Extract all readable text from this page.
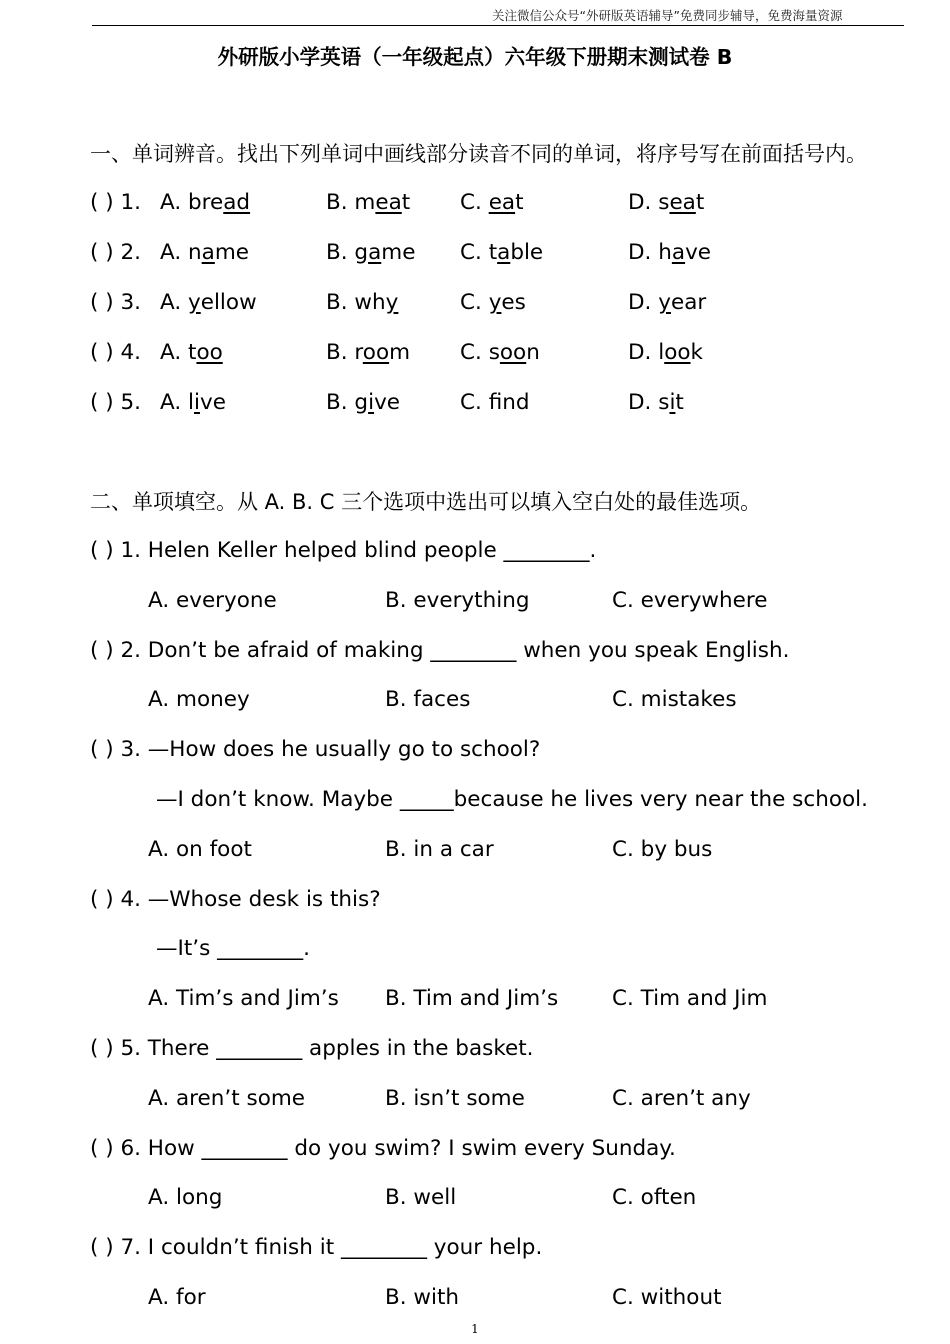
关注微信公众号“外研版英语辅导”免费同步辅导，免费海量资源
外研版小学英语（一年级起点）六年级下册期末测试卷 B
一、单词辨音。找出下列单词中画线部分读音不同的单词，将序号写在前面括号内。
( ) 1. A. bread	B. meat C. eat	D. seat
( ) 2. A. name	B. game C. table	D. have
( ) 3. A. yellow	B. why	C. yes	D. year
( ) 4. A. too	B. room C. soon	D. look
( ) 5. A. live	B. give	C. fnd	D. sit
二、单项填空。从 A. B. C 三个选项中选出可以填入空白处的最佳选项。
( ) 1. Helen Keller helped blind people ________.
A. everyone	B. everything	C. everywhere
( ) 2. Don’t be afraid of making ________ when you speak English.
A. money	B. faces	C. mistakes
( ) 3. —How does he usually go to school?
—I don’t know. Maybe _____because he lives very near the school.
A. on foot	B. in a car	C. by bus
( ) 4. —Whose desk is this?
—It’s ________.
A. Tim’s and Jim’s B. Tim and Jim’s	C. Tim and Jim
( ) 5. There ________ apples in the basket.
A. aren’t some	B. isn’t some	C. aren’t any
( ) 6. How ________ do you swim? I swim every Sunday.
A. long	B. well	C. often
( ) 7. I couldn’t finish it ________ your help.
A. for	B. with	C. without
1
